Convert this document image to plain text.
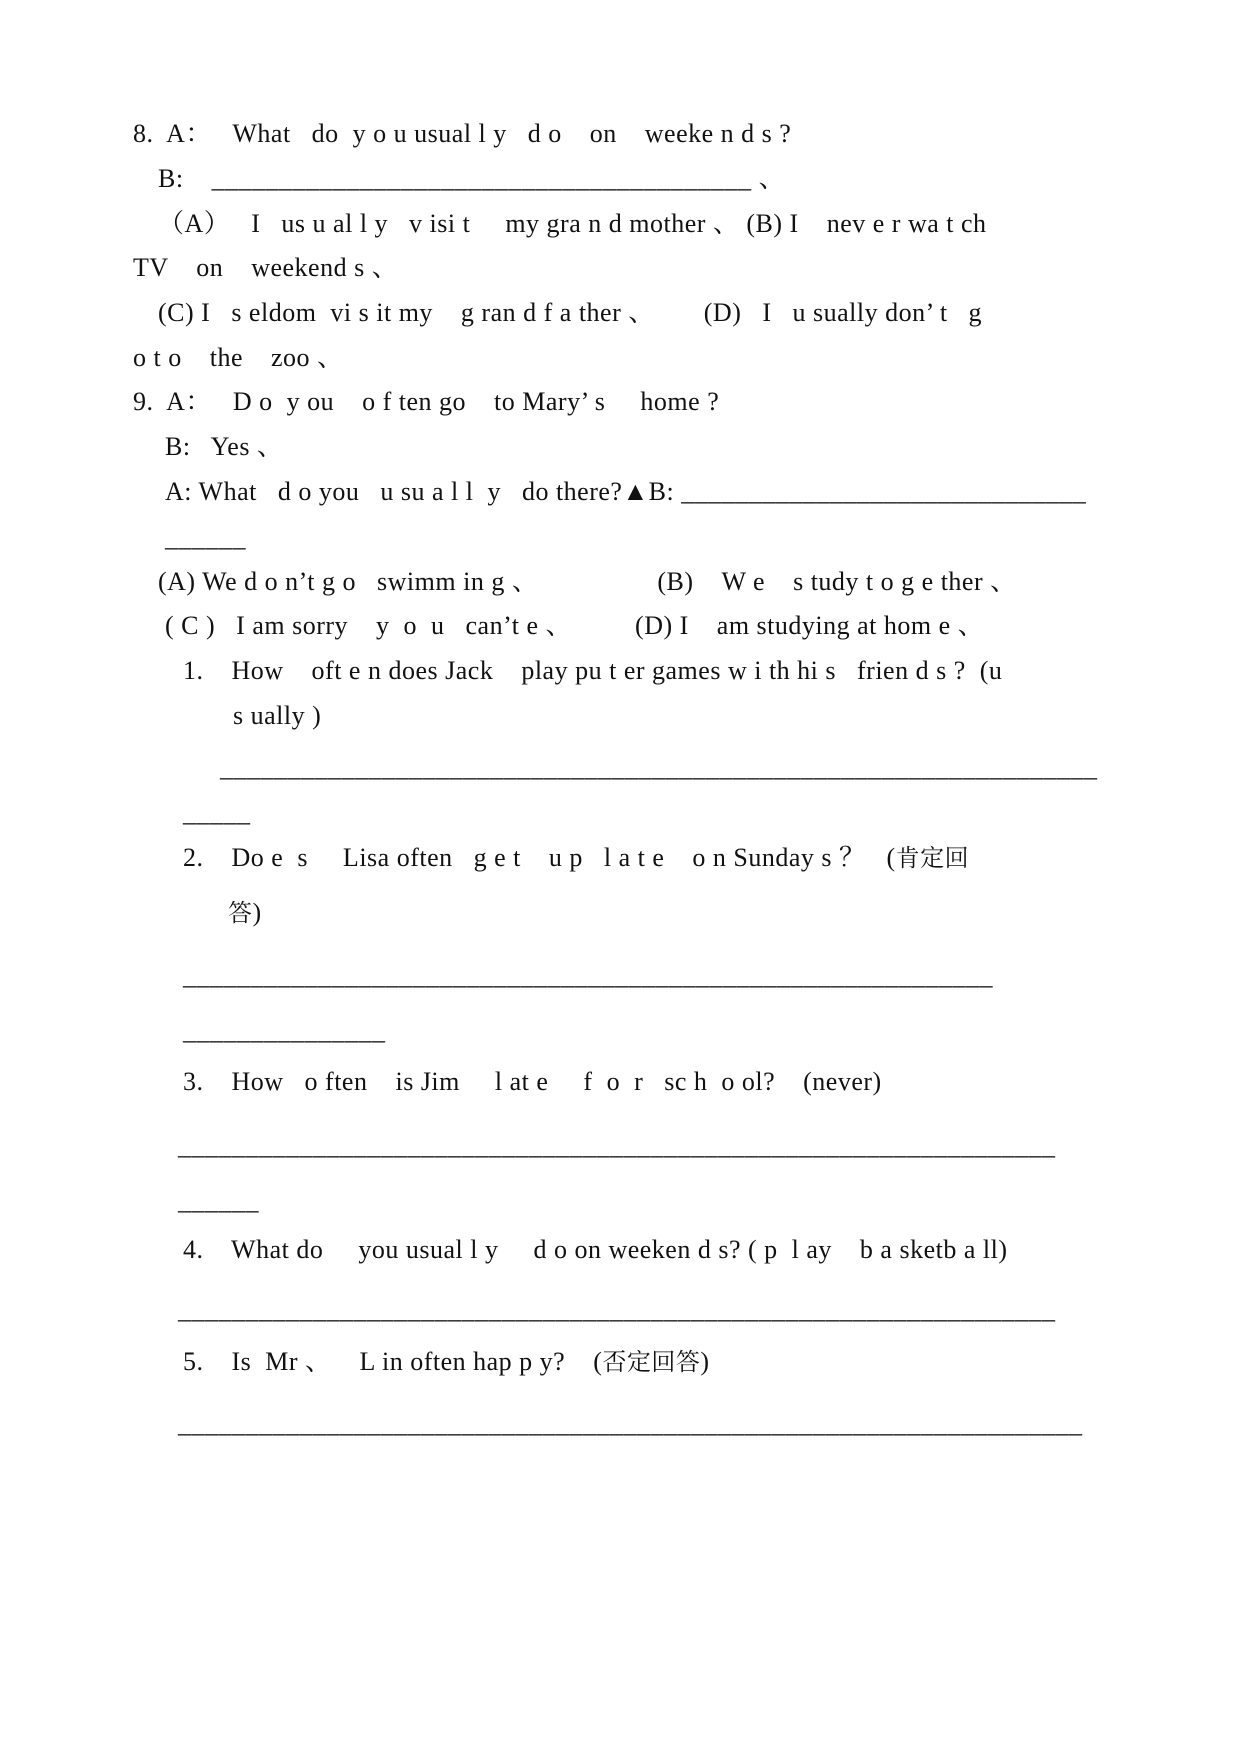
8.  A：   What   do  y o u usual l y   d o    on    weeke n d s ?
B:    ________________________________________ 、
（A）   I   us u al l y   v isi t     my gra n d mother 、 (B) I    nev e r wa t ch
TV    on    weekend s 、
(C) I   s eldom  vi s it my    g ran d f a ther 、       (D)   I   u sually don’ t   g
o t o    the    zoo 、
9.  A：   D o  y ou    o f ten go    to Mary’ s     home ?
B:   Yes 、
A: What   d o you   u su a l l  y   do there?▲B: ______________________________
______
(A) We d o n’t g o   swimm in g 、                 (B)    W e    s tudy t o g e ther 、
( C )   I am sorry    y  o  u   can’t e 、         (D) I    am studying at hom e 、
1.    How    oft e n does Jack    play pu t er games w i th hi s   frien d s ?  (u
s ually )
_________________________________________________________________
_____
2.    Do e  s     Lisa often   g e t    u p   l a t e    o n Sunday s ？   (肯定回
答)
____________________________________________________________
_______________
3.    How   o ften    is Jim     l at e     f  o  r   sc h  o ol?    (never)
_________________________________________________________________
______
4.    What do     you usual l y     d o on weeken d s? ( p  l ay    b a sketb a ll)
_________________________________________________________________
5.    Is  Mr 、    L in often hap p y?    (否定回答)
___________________________________________________________________
